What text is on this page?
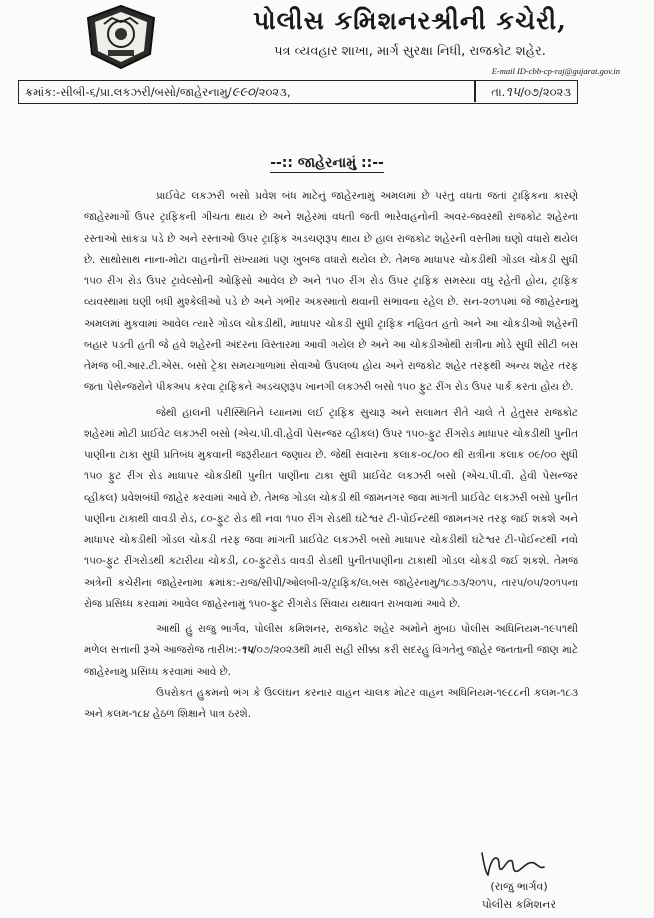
પોલીસ કમિશનરશ્રીની કચેરી,
પત્ર વ્યવહાર શાખા, માર્ગ સુરક્ષા નિધી, રાજકોટ શહેર.
E-mail ID-cbb-cp-raj@gujarat.gov.in
ક્રમાંક:-સીબી-૬/પ્રા.લકઝરી/બસો/જાહેરનામુ/૯૯૦/૨૦૨૩,	તા.૧૫/૦૭/૨૦૨૩
--:: જાહેરનામું ::--

પ્રાઈવેટ લકઝરી બસો પ્રવેશ બંધ માટેનું જાહેરનામું અમલમાં છે પરંતુ વધતા જતાં ટ્રાફિકના કારણે જાહેરમાર્ગો ઉપર ટ્રાફિકની ગીચતા થાય છે અને શહેરમાં વધતી જતી ભારેવાહનોની અવર-જવરથી રાજકોટ શહેરના રસ્તાઓ સાંકડા પડે છે અને રસ્તાઓ ઉપર ટ્રાફિક અડચણરૂપ થાય છે હાલ રાજકોટ શહેરની વસ્તીમાં ઘણો વધારો થયેલ છે. સાથોસાથ નાના-મોટા વાહનોની સંખ્યામાં પણ ખુબજ વધારો થયેલ છે. તેમજ માધાપર ચોકડીથી ગોંડલ ચોકડી સુધી ૧૫૦ રીંગ રોડ ઉપર ટ્રાવેલ્સોની ઓફિસો આવેલ છે અને ૧૫૦ રીંગ રોડ ઉપર ટ્રાફિક સમસ્યા વધુ રહેતી હોય, ટ્રાફિક વ્યવસ્થામાં ઘણી બધી મુશ્કેલીઓ પડે છે અને ગંભીર અકસ્માતો થવાની સંભાવના રહેલ છે. સન-૨૦૧૫માં જે જાહેરનામું અમલમાં મુકવામાં આવેલ ત્યારે ગોંડલ ચોકડીથી, માધાપર ચોકડી સુધી ટ્રાફિક નહિવત હતો અને આ ચોકડીઓ શહેરની બહાર પડતી હતી જે હવે શહેરની અંદરના વિસ્તારમાં આવી ગયેલ છે અને આ ચોકડીઓથી રાત્રીના મોડે સુધી સીટી બસ તેમજ બી.આર.ટી.એસ. બસો ટ્રેકા સમયગાળામાં સેવાઓ ઉપલબ્ધ હોય અને રાજકોટ શહેર તરફથી અન્ય શહેર તરફ જતા પેસેન્જરોને પીકઅપ કરવા ટ્રાફિકને અડચણરૂપ ખાનગી લકઝરી બસો ૧૫૦ ફુટ રીંગ રોડ ઉપર પાર્ક કરતા હોય છે.

જેથી હાલની પરીસ્થિતિને ધ્યાનમાં લઈ ટ્રાફિક સુચારૂ અને સલામત રીતે ચાલે તે હેતુસર રાજકોટ શહેરમાં મોટી પ્રાઈવેટ લકઝરી બસો (એચ.પી.વી.હેવી પેસન્જર વ્હીકલ) ઉપર ૧૫૦-ફુટ રીંગરોડ માધાપર ચોકડીથી પુનીત પાણીના ટાકા સુધી પ્રતિબંધ મુકવાની જરૂરીયાત જણાય છે. જેથી સવારના કલાક-૦૮/૦૦ થી રાત્રીના કલાક ૦૯/૦૦ સુધી ૧૫૦ ફુટ રીંગ રોડ માધાપર ચોકડીથી પુનીત પાણીના ટાકા સુધી પ્રાઈવેટ લકઝરી બસો (એચ.પી.વી. હેવી પેસન્જર વ્હીકલ) પ્રવેશબંધી જાહેર કરવામાં આવે છે. તેમજ ગોંડલ ચોકડી થી જામનગર જવા માંગતી પ્રાઈવેટ લકઝરી બસો પુનીત પાણીના ટાકાથી વાવડી રોડ, ૮૦-ફુટ રોડ થી નવા ૧૫૦ રીંગ રોડથી ઘંટેશ્વર ટી-પોઈન્ટથી જામનગર તરફ જઈ શકશે અને માધાપર ચોકડીથી ગોંડલ ચોકડી તરફ જવા માંગતી પ્રાઈવેટ લકઝરી બસો માધાપર ચોકડીથી ઘંટેશ્વર ટી-પોઈન્ટથી નવો ૧૫૦-ફુટ રીંગરોડથી કટારીયા ચોકડી, ૮૦-ફુટરોડ વાવડી રોડથી પુનીતપાણીના ટાકાથી ગોંડલ ચોકડી જઈ શકશે. તેમજ અત્રેની કચેરીના જાહેરનામા ક્રમાંક:-રાજ/સીપી/ઓલબી-૨/ટ્રાફિક/લ.બસ જાહેરનામુ/૧૮૭૩/૨૦૧૫, તારપ/૦૫/૨૦૧૫ના રોજ પ્રસિધ્ધ કરવામાં આવેલ જાહેરનામું ૧૫૦-ફુટ રીંગરોડ સિવાય યથાવત રાખવામાં આવે છે.

આથી હું રાજુ ભાર્ગવ, પોલીસ કમિશનર, રાજકોટ શહેર અમોને મુંબઇ પોલીસ અધિનિયમ-૧૯૫૧થી મળેલ સત્તાની રૂએ આજરોજ તારીખ:-૧૫/૦૭/૨૦૨૩થી મારી સહી સીક્કા કરી સદરહુ વિગતેનું જાહેર જનતાની જાણ માટે જાહેરનામુ પ્રસિધ્ધ કરવામાં આવે છે.

ઉપરોકત હુકમનો ભંગ કે ઉલ્લંઘન કરનાર વાહન ચાલક મોટર વાહન અધિનિયમ-૧૯૮૮ની કલમ-૧૮૩ અને કલમ-૧૮૪ હેઠળ શિક્ષાને પાત્ર ઠરશે.

(રાજુ ભાર્ગવ)
પોલીસ કમિશનર
